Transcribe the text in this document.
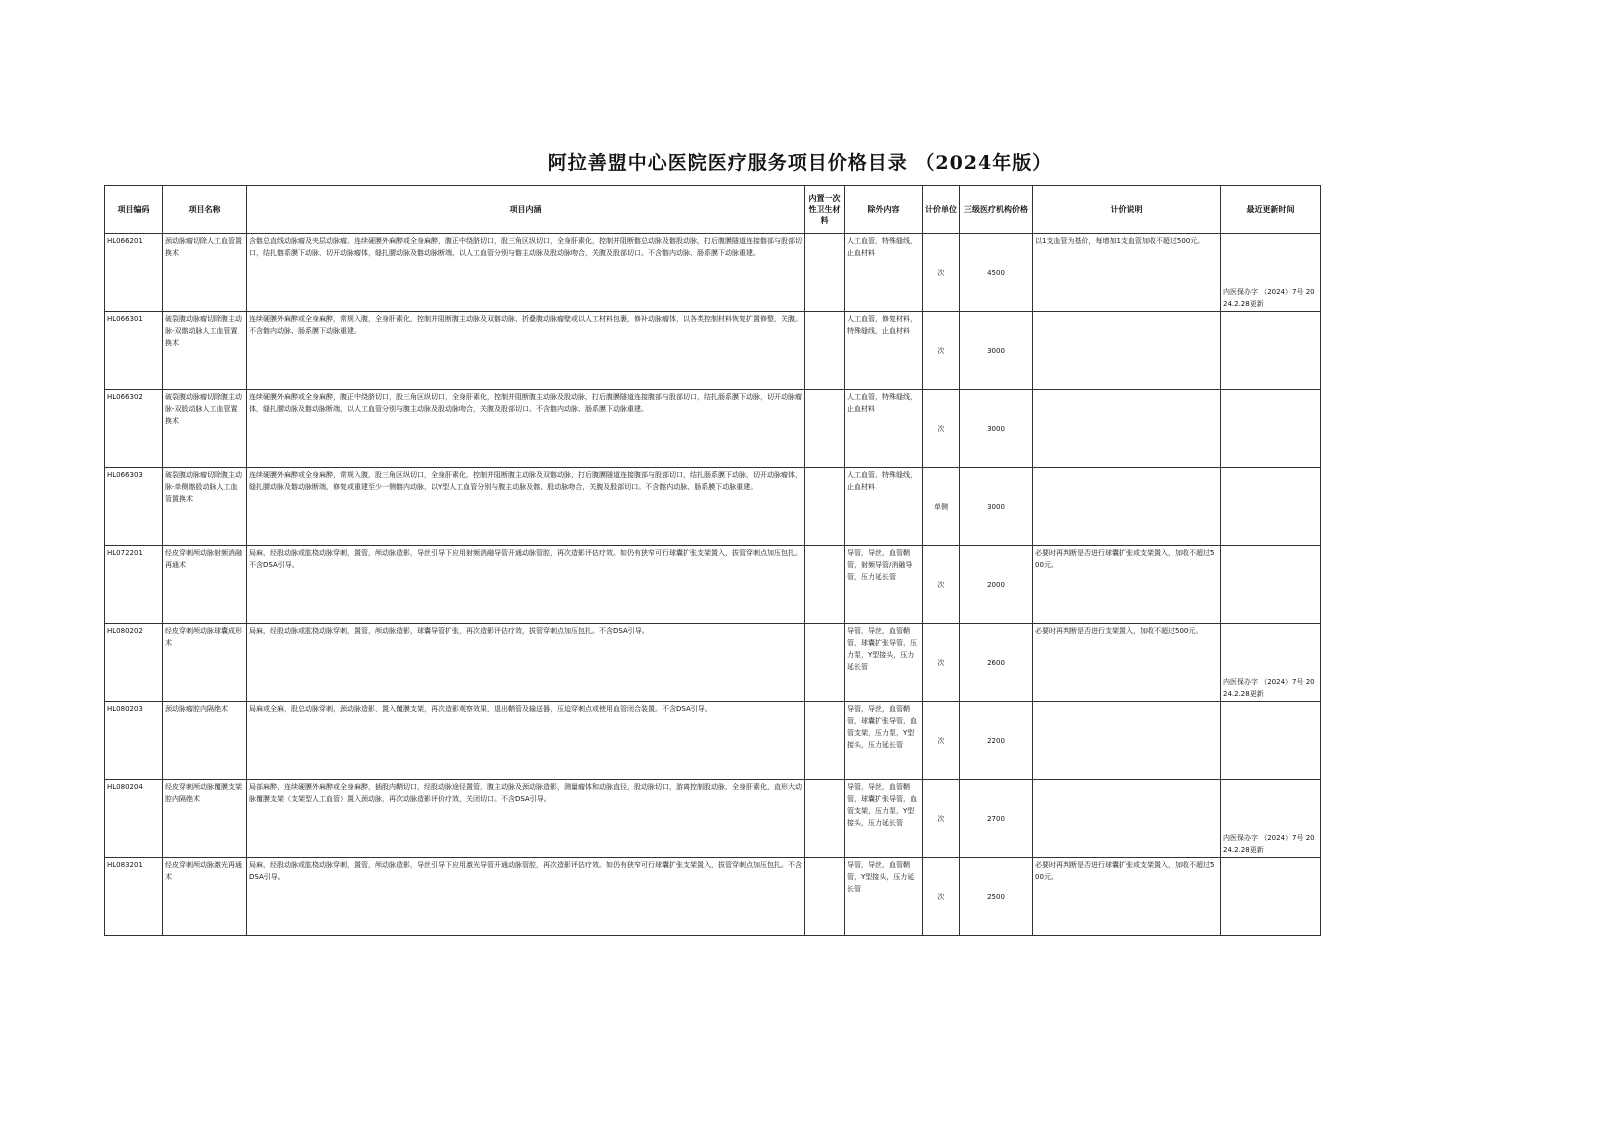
阿拉善盟中心医院医疗服务项目价格目录 （2024年版）
项目编码	项目名称	项目内涵	内置一次性卫生材料	除外内容	计价单位	三级医疗机构价格	计价说明	最近更新时间
HL066201	颈动脉瘤切除人工血管置换术	含髂总直线动脉瘤及夹层动脉瘤。连续硬膜外麻醉或全身麻醉，腹正中绕脐切口，股三角区纵切口，全身肝素化，控制并阻断髂总动脉及髂股动脉，打后腹膜隧道连接髂部与股部切口，结扎髂系膜下动脉，切开动脉瘤体，缝扎腰动脉及髂动脉断端，以人工血管分别与髂主动脉及股动脉吻合，关腹及股部切口。不含髂内动脉、肠系膜下动脉重建。		人工血管，特殊缝线，止血材料	次	4500	以1支血管为基价，每增加1支血管加收不超过500元。	内医保办字 （2024）7号 2024.2.28更新
HL066301	破裂腹动脉瘤切除腹主动脉-双髂动脉人工血管置换术	连续硬膜外麻醉或全身麻醉，常规入腹，全身肝素化，控制并阻断腹主动脉及双髂动脉，折叠腹动脉瘤壁或以人工材料包裹，修补动脉瘤体，以各类控制材料恢复扩置修整，关腹。不含髂内动脉、肠系膜下动脉重建。		人工血管，修复材料，特殊缝线，止血材料	次	3000		
HL066302	破裂腹动脉瘤切除腹主动脉-双股动脉人工血管置换术	连续硬膜外麻醉或全身麻醉，腹正中绕脐切口，股三角区纵切口，全身肝素化，控制并阻断腹主动脉及股动脉，打后腹膜隧道连接腹部与股部切口，结扎肠系膜下动脉，切开动脉瘤体，缝扎腰动脉及髂动脉断端，以人工血管分别与腹主动脉及股动脉吻合，关腹及股部切口。不含髂内动脉、肠系膜下动脉重建。		人工血管，特殊缝线，止血材料	次	3000		
HL066303	破裂腹动脉瘤切除腹主动脉-单侧髂股动脉人工血管置换术	连续硬膜外麻醉或全身麻醉，常规入腹，股三角区纵切口，全身肝素化，控制并阻断腹主动脉及双髂动脉，打后腹膜隧道连接腹部与股部切口，结扎肠系膜下动脉，切开动脉瘤体，缝扎腰动脉及髂动脉断端，修复或重建至少一侧髂内动脉，以Y型人工血管分别与腹主动脉及髂、股动脉吻合，关腹及股部切口。不含髂内动脉、肠系膜下动脉重建。		人工血管，特殊缝线，止血材料	单侧	3000		
HL072201	经皮穿刺颅动脉射频消融再通术	局麻，经股动脉或肱桡动脉穿刺，置管，颅动脉造影，导丝引导下应用射频消融导管开通动脉管腔，再次造影评估疗效。如仍有狭窄可行球囊扩张支架置入，拔管穿刺点加压包扎。不含DSA引导。		导管，导丝，血管鞘管，射频导管/消融导管，压力延长管	次	2000	必要时再判断是否进行球囊扩张或支架置入，加收不超过500元。	
HL080202	经皮穿刺颅动脉球囊成形术	局麻，经股动脉或肱桡动脉穿刺，置管，颅动脉造影，球囊导管扩张，再次造影评估疗效，拔管穿刺点加压包扎。不含DSA引导。		导管，导丝，血管鞘管，球囊扩张导管，压力泵，Y型接头，压力延长管	次	2600	必要时再判断是否进行支架置入，加收不超过500元。	内医保办字 （2024）7号 2024.2.28更新
HL080203	颈动脉瘤腔内隔绝术	局麻或全麻，股总动脉穿刺，颈动脉造影，置入覆膜支架，再次造影观察效果，退出鞘管及输送器，压迫穿刺点或使用血管闭合装置。不含DSA引导。		导管，导丝，血管鞘管，球囊扩张导管，血管支架，压力泵，Y型接头，压力延长管	次	2200		
HL080204	经皮穿刺颅动脉覆膜支架腔内隔绝术	局部麻醉、连续硬膜外麻醉或全身麻醉，插股内鞘切口，经股动脉途径置管，腹主动脉及颈动脉造影，测量瘤体和动脉直径，股动脉切口，游离控制股动脉，全身肝素化，直形大动脉覆膜支架（支架型人工血管）置入颈动脉，再次动脉造影评价疗效，关闭切口。不含DSA引导。		导管，导丝，血管鞘管，球囊扩张导管，血管支架，压力泵，Y型接头，压力延长管	次	2700		内医保办字 （2024）7号 2024.2.28更新
HL083201	经皮穿刺颅动脉激光再通术	局麻，经股动脉或肱桡动脉穿刺，置管，颅动脉造影，导丝引导下应用激光导管开通动脉管腔，再次造影评估疗效。如仍有狭窄可行球囊扩张支架置入，拔管穿刺点加压包扎。不含DSA引导。		导管，导丝，血管鞘管，Y型接头，压力延长管	次	2500	必要时再判断是否进行球囊扩张或支架置入，加收不超过500元。	
